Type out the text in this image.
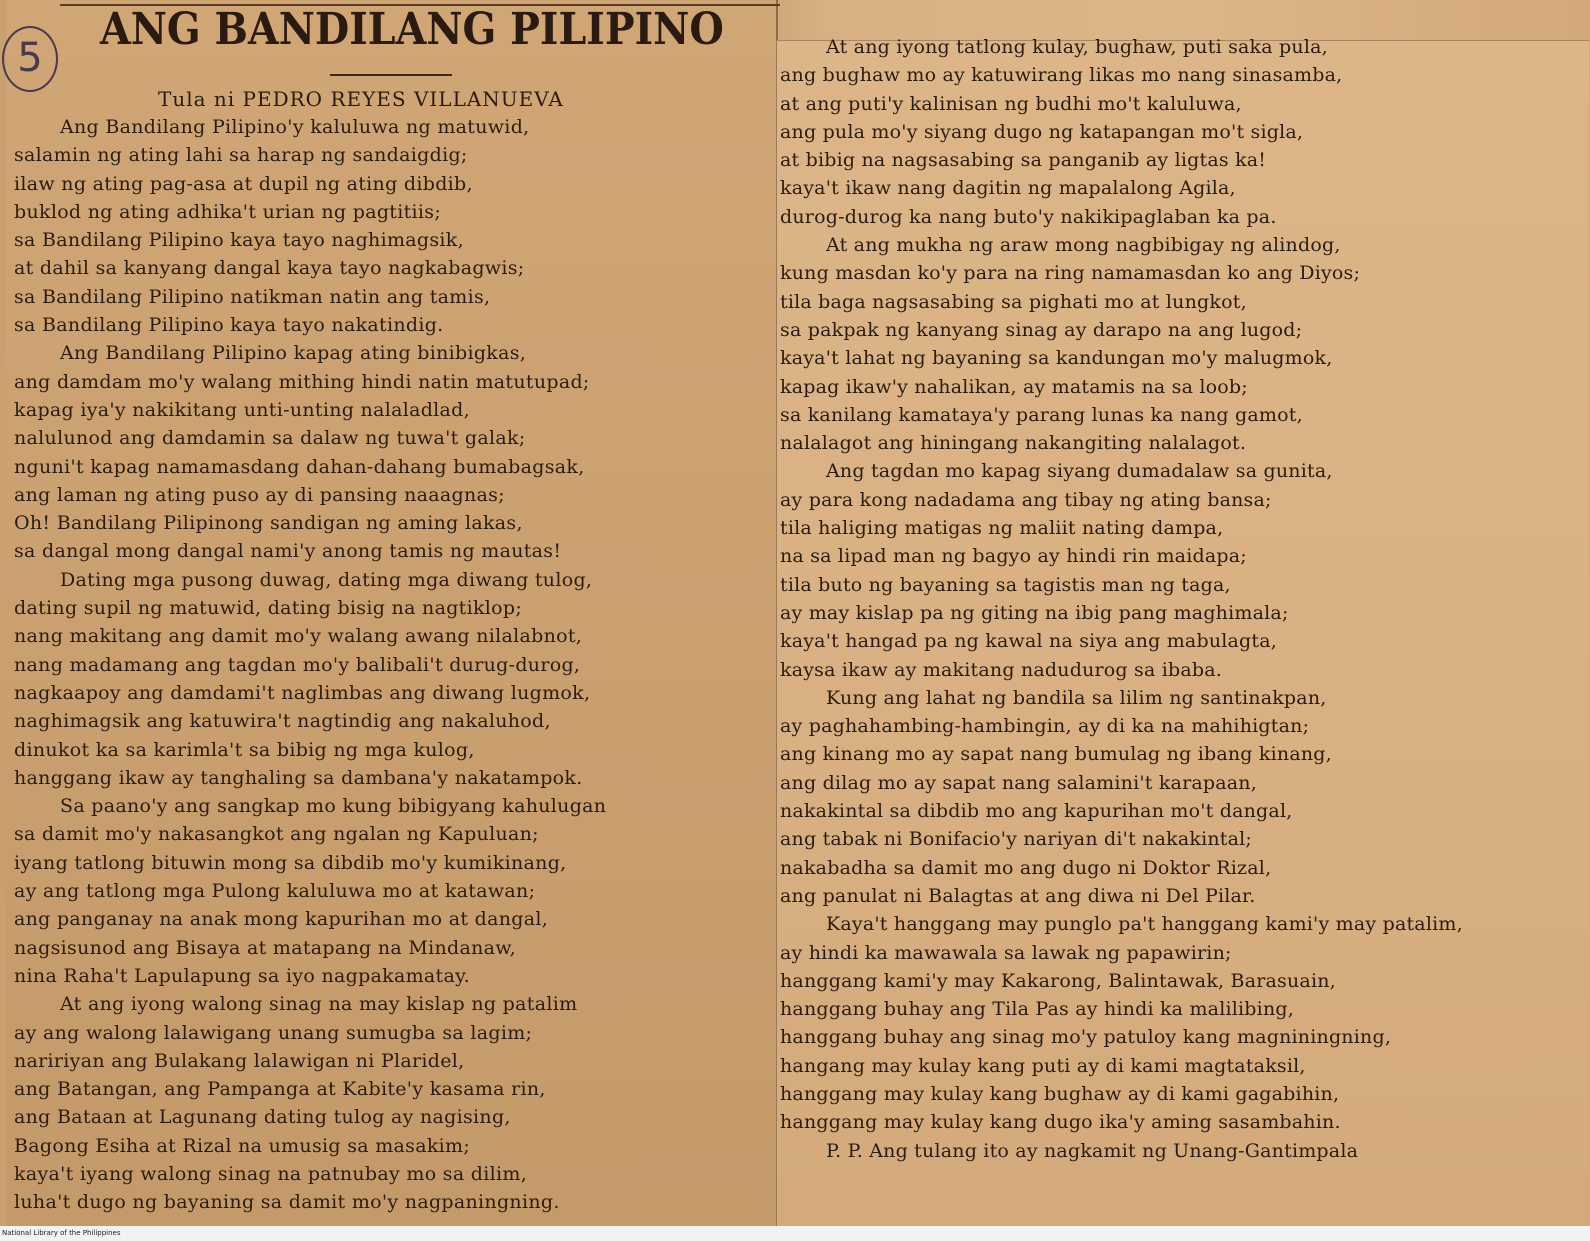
5
ANG BANDILANG PILIPINO
Tula ni PEDRO REYES VILLANUEVA
Ang Bandilang Pilipino'y kaluluwa ng matuwid,
salamin ng ating lahi sa harap ng sandaigdig;
ilaw ng ating pag-asa at dupil ng ating dibdib,
buklod ng ating adhika't urian ng pagtitiis;
sa Bandilang Pilipino kaya tayo naghimagsik,
at dahil sa kanyang dangal kaya tayo nagkabagwis;
sa Bandilang Pilipino natikman natin ang tamis,
sa Bandilang Pilipino kaya tayo nakatindig.
Ang Bandilang Pilipino kapag ating binibigkas,
ang damdam mo'y walang mithing hindi natin matutupad;
kapag iya'y nakikitang unti-unting nalaladlad,
nalulunod ang damdamin sa dalaw ng tuwa't galak;
nguni't kapag namamasdang dahan-dahang bumabagsak,
ang laman ng ating puso ay di pansing naaagnas;
Oh! Bandilang Pilipinong sandigan ng aming lakas,
sa dangal mong dangal nami'y anong tamis ng mautas!
Dating mga pusong duwag, dating mga diwang tulog,
dating supil ng matuwid, dating bisig na nagtiklop;
nang makitang ang damit mo'y walang awang nilalabnot,
nang madamang ang tagdan mo'y balibali't durug-durog,
nagkaapoy ang damdami't naglimbas ang diwang lugmok,
naghimagsik ang katuwira't nagtindig ang nakaluhod,
dinukot ka sa karimla't sa bibig ng mga kulog,
hanggang ikaw ay tanghaling sa dambana'y nakatampok.
Sa paano'y ang sangkap mo kung bibigyang kahulugan
sa damit mo'y nakasangkot ang ngalan ng Kapuluan;
iyang tatlong bituwin mong sa dibdib mo'y kumikinang,
ay ang tatlong mga Pulong kaluluwa mo at katawan;
ang panganay na anak mong kapurihan mo at dangal,
nagsisunod ang Bisaya at matapang na Mindanaw,
nina Raha't Lapulapung sa iyo nagpakamatay.
At ang iyong walong sinag na may kislap ng patalim
ay ang walong lalawigang unang sumugba sa lagim;
naririyan ang Bulakang lalawigan ni Plaridel,
ang Batangan, ang Pampanga at Kabite'y kasama rin,
ang Bataan at Lagunang dating tulog ay nagising,
Bagong Esiha at Rizal na umusig sa masakim;
kaya't iyang walong sinag na patnubay mo sa dilim,
luha't dugo ng bayaning sa damit mo'y nagpaningning.
At ang iyong tatlong kulay, bughaw, puti saka pula,
ang bughaw mo ay katuwirang likas mo nang sinasamba,
at ang puti'y kalinisan ng budhi mo't kaluluwa,
ang pula mo'y siyang dugo ng katapangan mo't sigla,
at bibig na nagsasabing sa panganib ay ligtas ka!
kaya't ikaw nang dagitin ng mapalalong Agila,
durog-durog ka nang buto'y nakikipaglaban ka pa.
At ang mukha ng araw mong nagbibigay ng alindog,
kung masdan ko'y para na ring namamasdan ko ang Diyos;
tila baga nagsasabing sa pighati mo at lungkot,
sa pakpak ng kanyang sinag ay darapo na ang lugod;
kaya't lahat ng bayaning sa kandungan mo'y malugmok,
kapag ikaw'y nahalikan, ay matamis na sa loob;
sa kanilang kamataya'y parang lunas ka nang gamot,
nalalagot ang hiningang nakangiting nalalagot.
Ang tagdan mo kapag siyang dumadalaw sa gunita,
ay para kong nadadama ang tibay ng ating bansa;
tila haliging matigas ng maliit nating dampa,
na sa lipad man ng bagyo ay hindi rin maidapa;
tila buto ng bayaning sa tagistis man ng taga,
ay may kislap pa ng giting na ibig pang maghimala;
kaya't hangad pa ng kawal na siya ang mabulagta,
kaysa ikaw ay makitang nadudurog sa ibaba.
Kung ang lahat ng bandila sa lilim ng santinakpan,
ay paghahambing-hambingin, ay di ka na mahihigtan;
ang kinang mo ay sapat nang bumulag ng ibang kinang,
ang dilag mo ay sapat nang salamini't karapaan,
nakakintal sa dibdib mo ang kapurihan mo't dangal,
ang tabak ni Bonifacio'y nariyan di't nakakintal;
nakabadha sa damit mo ang dugo ni Doktor Rizal,
ang panulat ni Balagtas at ang diwa ni Del Pilar.
Kaya't hanggang may punglo pa't hanggang kami'y may patalim,
ay hindi ka mawawala sa lawak ng papawirin;
hanggang kami'y may Kakarong, Balintawak, Barasuain,
hanggang buhay ang Tila Pas ay hindi ka malilibing,
hanggang buhay ang sinag mo'y patuloy kang magniningning,
hangang may kulay kang puti ay di kami magtataksil,
hanggang may kulay kang bughaw ay di kami gagabihin,
hanggang may kulay kang dugo ika'y aming sasambahin.
P. P. Ang tulang ito ay nagkamit ng Unang-Gantimpala
National Library of the Philippines
